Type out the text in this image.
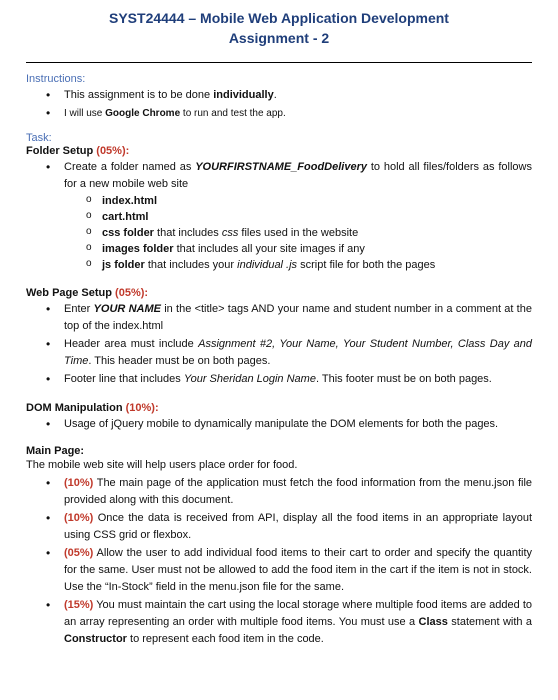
SYST24444 – Mobile Web Application Development
Assignment - 2
Instructions:
• This assignment is to be done individually.
• I will use Google Chrome to run and test the app.
Task:
Folder Setup (05%):
• Create a folder named as YOURFIRSTNAME_FoodDelivery to hold all files/folders as follows for a new mobile web site
o index.html
o cart.html
o css folder that includes css files used in the website
o images folder that includes all your site images if any
o js folder that includes your individual .js script file for both the pages
Web Page Setup (05%):
• Enter YOUR NAME in the <title> tags AND your name and student number in a comment at the top of the index.html
• Header area must include Assignment #2, Your Name, Your Student Number, Class Day and Time. This header must be on both pages.
• Footer line that includes Your Sheridan Login Name. This footer must be on both pages.
DOM Manipulation (10%):
• Usage of jQuery mobile to dynamically manipulate the DOM elements for both the pages.
Main Page:
The mobile web site will help users place order for food.
• (10%) The main page of the application must fetch the food information from the menu.json file provided along with this document.
• (10%) Once the data is received from API, display all the food items in an appropriate layout using CSS grid or flexbox.
• (05%) Allow the user to add individual food items to their cart to order and specify the quantity for the same. User must not be allowed to add the food item in the cart if the item is not in stock. Use the “In-Stock” field in the menu.json file for the same.
• (15%) You must maintain the cart using the local storage where multiple food items are added to an array representing an order with multiple food items. You must use a Class statement with a Constructor to represent each food item in the code.
